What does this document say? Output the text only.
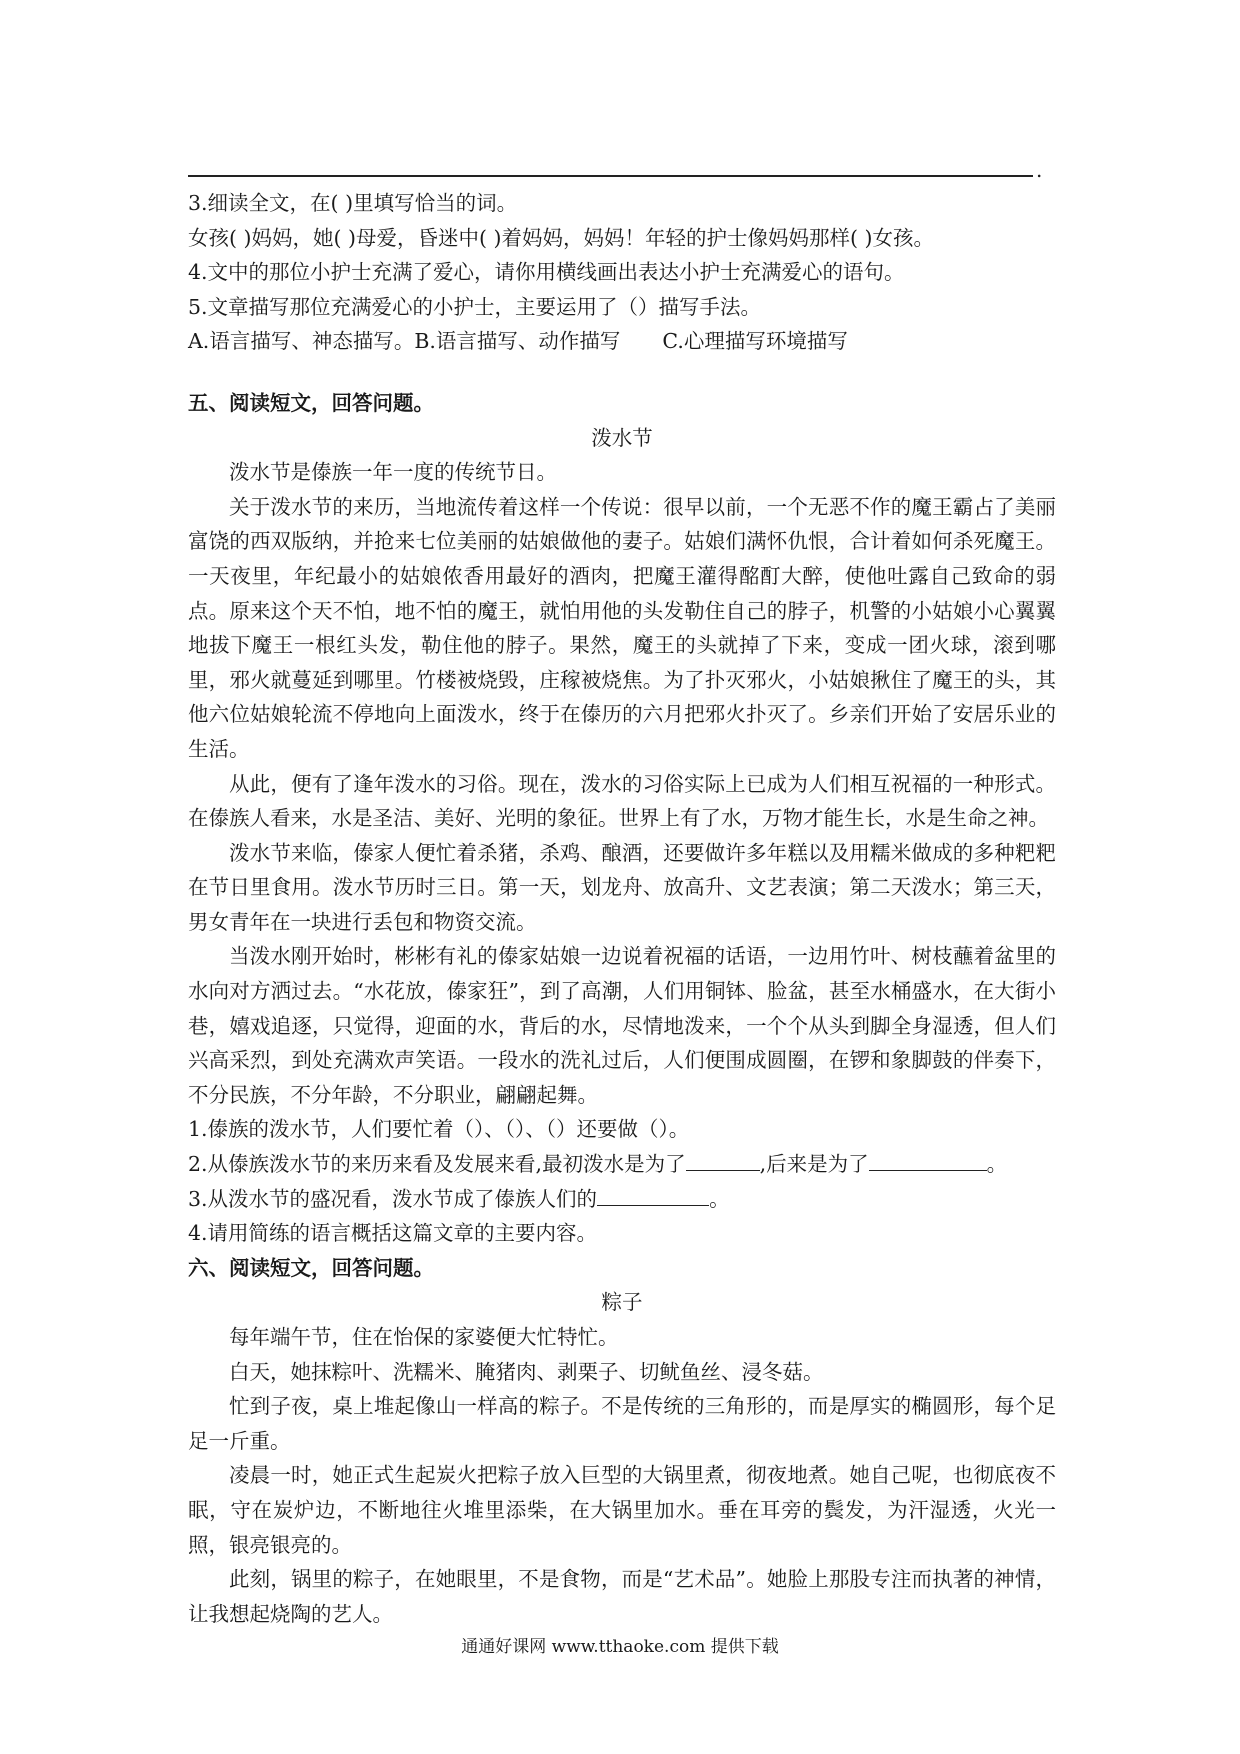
.

3.细读全文，在( )里填写恰当的词。

女孩( )妈妈，她( )母爱，昏迷中( )着妈妈，妈妈！年轻的护士像妈妈那样( )女孩。

4.文中的那位小护士充满了爱心，请你用横线画出表达小护士充满爱心的语句。

5.文章描写那位充满爱心的小护士，主要运用了（）描写手法。

A.语言描写、神态描写。B.语言描写、动作描写 C.心理描写环境描写

五、阅读短文，回答问题。

泼水节

泼水节是傣族一年一度的传统节日。

关于泼水节的来历，当地流传着这样一个传说：很早以前，一个无恶不作的魔王霸占了美丽富饶的西双版纳，并抢来七位美丽的姑娘做他的妻子。姑娘们满怀仇恨，合计着如何杀死魔王。一天夜里，年纪最小的姑娘侬香用最好的酒肉，把魔王灌得酩酊大醉，使他吐露自己致命的弱点。原来这个天不怕，地不怕的魔王，就怕用他的头发勒住自己的脖子，机警的小姑娘小心翼翼地拔下魔王一根红头发，勒住他的脖子。果然，魔王的头就掉了下来，变成一团火球，滚到哪里，邪火就蔓延到哪里。竹楼被烧毁，庄稼被烧焦。为了扑灭邪火，小姑娘揪住了魔王的头，其他六位姑娘轮流不停地向上面泼水，终于在傣历的六月把邪火扑灭了。乡亲们开始了安居乐业的生活。

从此，便有了逢年泼水的习俗。现在，泼水的习俗实际上已成为人们相互祝福的一种形式。在傣族人看来，水是圣洁、美好、光明的象征。世界上有了水，万物才能生长，水是生命之神。

泼水节来临，傣家人便忙着杀猪，杀鸡、酿酒，还要做许多年糕以及用糯米做成的多种粑粑在节日里食用。泼水节历时三日。第一天，划龙舟、放高升、文艺表演；第二天泼水；第三天，男女青年在一块进行丢包和物资交流。

当泼水刚开始时，彬彬有礼的傣家姑娘一边说着祝福的话语，一边用竹叶、树枝蘸着盆里的水向对方洒过去。“水花放，傣家狂”，到了高潮，人们用铜钵、脸盆，甚至水桶盛水，在大街小巷，嬉戏追逐，只觉得，迎面的水，背后的水，尽情地泼来，一个个从头到脚全身湿透，但人们兴高采烈，到处充满欢声笑语。一段水的洗礼过后，人们便围成圆圈，在锣和象脚鼓的伴奏下，不分民族，不分年龄，不分职业，翩翩起舞。

1.傣族的泼水节，人们要忙着（）、（）、（）还要做（）。

2.从傣族泼水节的来历来看及发展来看,最初泼水是为了	,后来是为了	。

3.从泼水节的盛况看，泼水节成了傣族人们的	。

4.请用简练的语言概括这篇文章的主要内容。

六、阅读短文，回答问题。

粽子

每年端午节，住在怡保的家婆便大忙特忙。

白天，她抹粽叶、洗糯米、腌猪肉、剥栗子、切鱿鱼丝、浸冬菇。

忙到子夜，桌上堆起像山一样高的粽子。不是传统的三角形的，而是厚实的椭圆形，每个足足一斤重。

凌晨一时，她正式生起炭火把粽子放入巨型的大锅里煮，彻夜地煮。她自己呢，也彻底夜不眠，守在炭炉边，不断地往火堆里添柴，在大锅里加水。垂在耳旁的鬓发，为汗湿透，火光一照，银亮银亮的。

此刻，锅里的粽子，在她眼里，不是食物，而是“艺术品”。她脸上那股专注而执著的神情，让我想起烧陶的艺人。

通通好课网 www.tthaoke.com 提供下载
